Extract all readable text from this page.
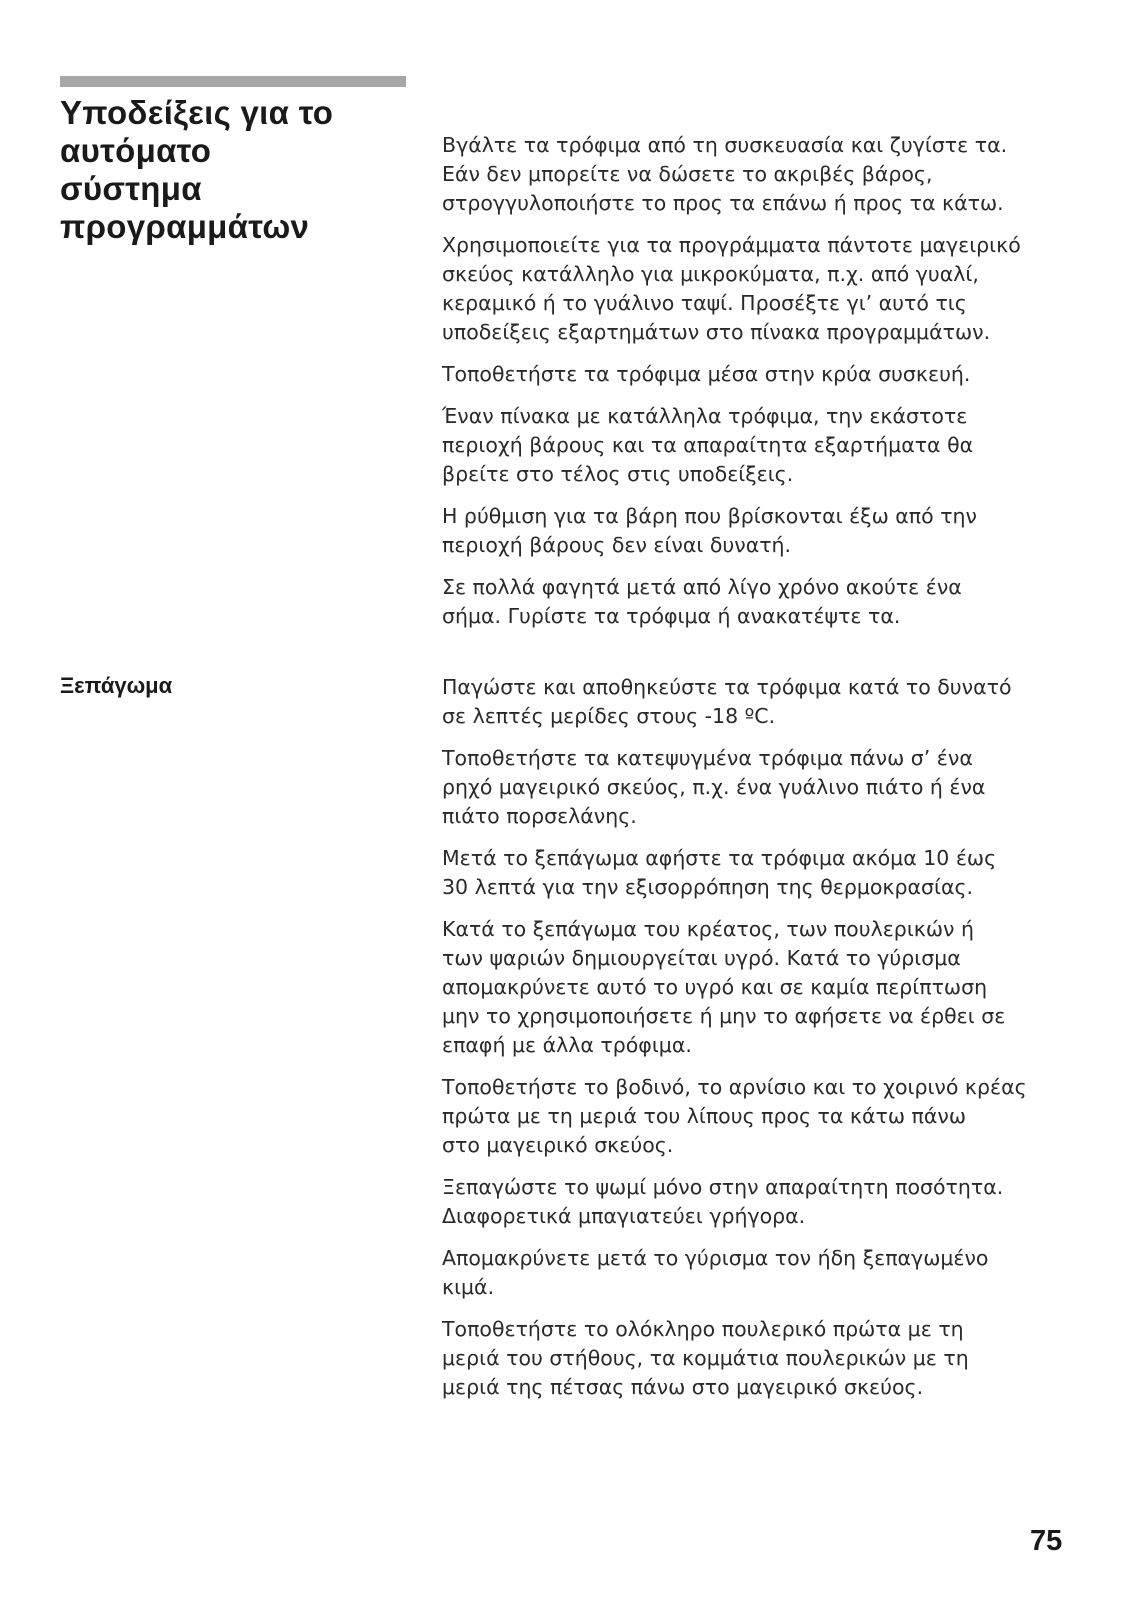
Υποδείξεις για το
αυτόματο
σύστημα
προγραμμάτων

Βγάλτε τα τρόφιμα από τη συσκευασία και ζυγίστε τα.
Εάν δεν μπορείτε να δώσετε το ακριβές βάρος,
στρογγυλοποιήστε το προς τα επάνω ή προς τα κάτω.

Χρησιμοποιείτε για τα προγράμματα πάντοτε μαγειρικό
σκεύος κατάλληλο για μικροκύματα, π.χ. από γυαλί,
κεραμικό ή το γυάλινο ταψί. Προσέξτε γι’ αυτό τις
υποδείξεις εξαρτημάτων στο πίνακα προγραμμάτων.

Τοποθετήστε τα τρόφιμα μέσα στην κρύα συσκευή.

Έναν πίνακα με κατάλληλα τρόφιμα, την εκάστοτε
περιοχή βάρους και τα απαραίτητα εξαρτήματα θα
βρείτε στο τέλος στις υποδείξεις.

Η ρύθμιση για τα βάρη που βρίσκονται έξω από την
περιοχή βάρους δεν είναι δυνατή.

Σε πολλά φαγητά μετά από λίγο χρόνο ακούτε ένα
σήμα. Γυρίστε τα τρόφιμα ή ανακατέψτε τα.

Ξεπάγωμα	Παγώστε και αποθηκεύστε τα τρόφιμα κατά το δυνατό
σε λεπτές μερίδες στους -18 ºC.

Τοποθετήστε τα κατεψυγμένα τρόφιμα πάνω σ’ ένα
ρηχό μαγειρικό σκεύος, π.χ. ένα γυάλινο πιάτο ή ένα
πιάτο πορσελάνης.

Μετά το ξεπάγωμα αφήστε τα τρόφιμα ακόμα 10 έως
30 λεπτά για την εξισορρόπηση της θερμοκρασίας.

Κατά το ξεπάγωμα του κρέατος, των πουλερικών ή
των ψαριών δημιουργείται υγρό. Κατά το γύρισμα
απομακρύνετε αυτό το υγρό και σε καμία περίπτωση
μην το χρησιμοποιήσετε ή μην το αφήσετε να έρθει σε
επαφή με άλλα τρόφιμα.

Τοποθετήστε το βοδινό, το αρνίσιο και το χοιρινό κρέας
πρώτα με τη μεριά του λίπους προς τα κάτω πάνω
στο μαγειρικό σκεύος.

Ξεπαγώστε το ψωμί μόνο στην απαραίτητη ποσότητα.
Διαφορετικά μπαγιατεύει γρήγορα.

Απομακρύνετε μετά το γύρισμα τον ήδη ξεπαγωμένο
κιμά.

Τοποθετήστε το ολόκληρο πουλερικό πρώτα με τη
μεριά του στήθους, τα κομμάτια πουλερικών με τη
μεριά της πέτσας πάνω στο μαγειρικό σκεύος.

75
